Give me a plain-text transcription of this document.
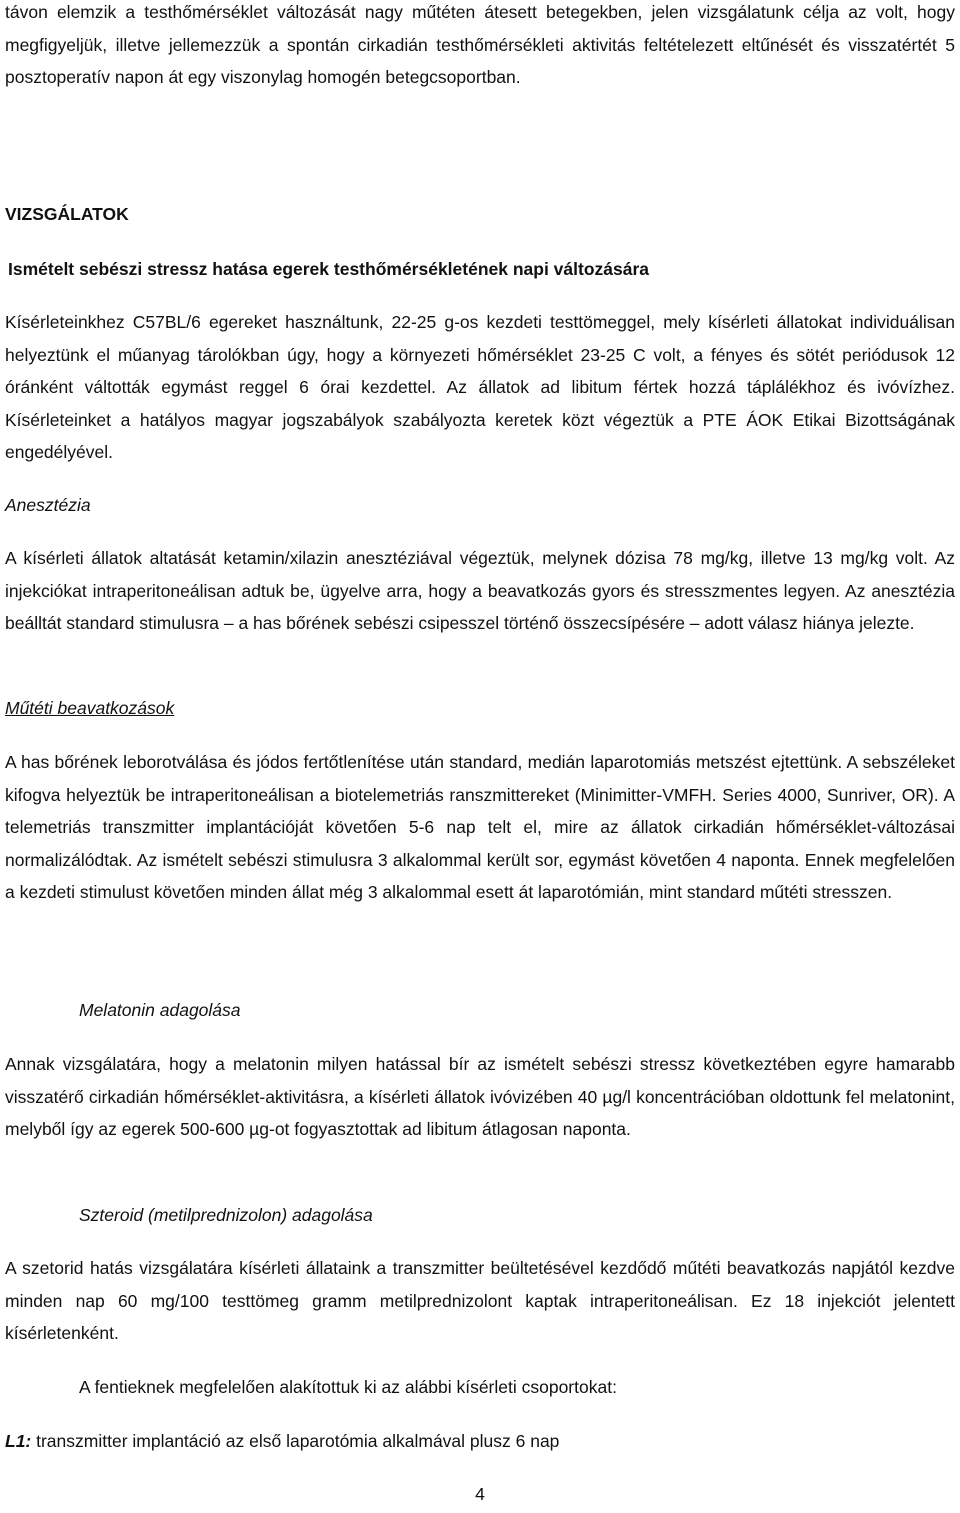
távon elemzik a testhőmérséklet változását nagy műtéten átesett betegekben, jelen vizsgálatunk célja az volt, hogy megfigyeljük, illetve jellemezzük a spontán cirkadián testhőmérsékleti aktivitás feltételezett eltűnését és visszatértét 5 posztoperatív napon át egy viszonylag homogén betegcsoportban.

VIZSGÁLATOK

Ismételt sebészi stressz hatása egerek testhőmérsékletének napi változására

Kísérleteinkhez C57BL/6 egereket használtunk, 22-25 g-os kezdeti testtömeggel, mely kísérleti állatokat individuálisan helyeztünk el műanyag tárolókban úgy, hogy a környezeti hőmérséklet 23-25 C volt, a fényes és sötét periódusok 12 óránként váltották egymást reggel 6 órai kezdettel. Az állatok ad libitum fértek hozzá táplálékhoz és ivóvízhez. Kísérleteinket a hatályos magyar jogszabályok szabályozta keretek közt végeztük a PTE ÁOK Etikai Bizottságának engedélyével.

Anesztézia

A kísérleti állatok altatását ketamin/xilazin anesztéziával végeztük, melynek dózisa 78 mg/kg, illetve 13 mg/kg volt. Az injekciókat intraperitoneálisan adtuk be, ügyelve arra, hogy a beavatkozás gyors és stresszmentes legyen. Az anesztézia beálltát standard stimulusra – a has bőrének sebészi csipesszel történő összecsípésére – adott válasz hiánya jelezte.

Műtéti beavatkozások

A has bőrének leborotválása és jódos fertőtlenítése után standard, medián laparotomiás metszést ejtettünk. A sebszéleket kifogva helyeztük be intraperitoneálisan a biotelemetriás ranszmittereket (Minimitter-VMFH. Series 4000, Sunriver, OR). A telemetriás transzmitter implantációját követően 5-6 nap telt el, mire az állatok cirkadián hőmérséklet-változásai normalizálódtak. Az ismételt sebészi stimulusra 3 alkalommal került sor, egymást követően 4 naponta. Ennek megfelelően a kezdeti stimulust követően minden állat még 3 alkalommal esett át laparotómián, mint standard műtéti stresszen.

Melatonin adagolása

Annak vizsgálatára, hogy a melatonin milyen hatással bír az ismételt sebészi stressz következtében egyre hamarabb visszatérő cirkadián hőmérséklet-aktivitásra, a kísérleti állatok ivóvizében 40 µg/l koncentrációban oldottunk fel melatonint, melyből így az egerek 500-600 µg-ot fogyasztottak ad libitum átlagosan naponta.

Szteroid (metilprednizolon) adagolása

A szetorid hatás vizsgálatára kísérleti állataink a transzmitter beültetésével kezdődő műtéti beavatkozás napjától kezdve minden nap 60 mg/100 testtömeg gramm metilprednizolont kaptak intraperitoneálisan. Ez 18 injekciót jelentett kísérletenként.

A fentieknek megfelelően alakítottuk ki az alábbi kísérleti csoportokat:

L1: transzmitter implantáció az első laparotómia alkalmával plusz 6 nap

4
